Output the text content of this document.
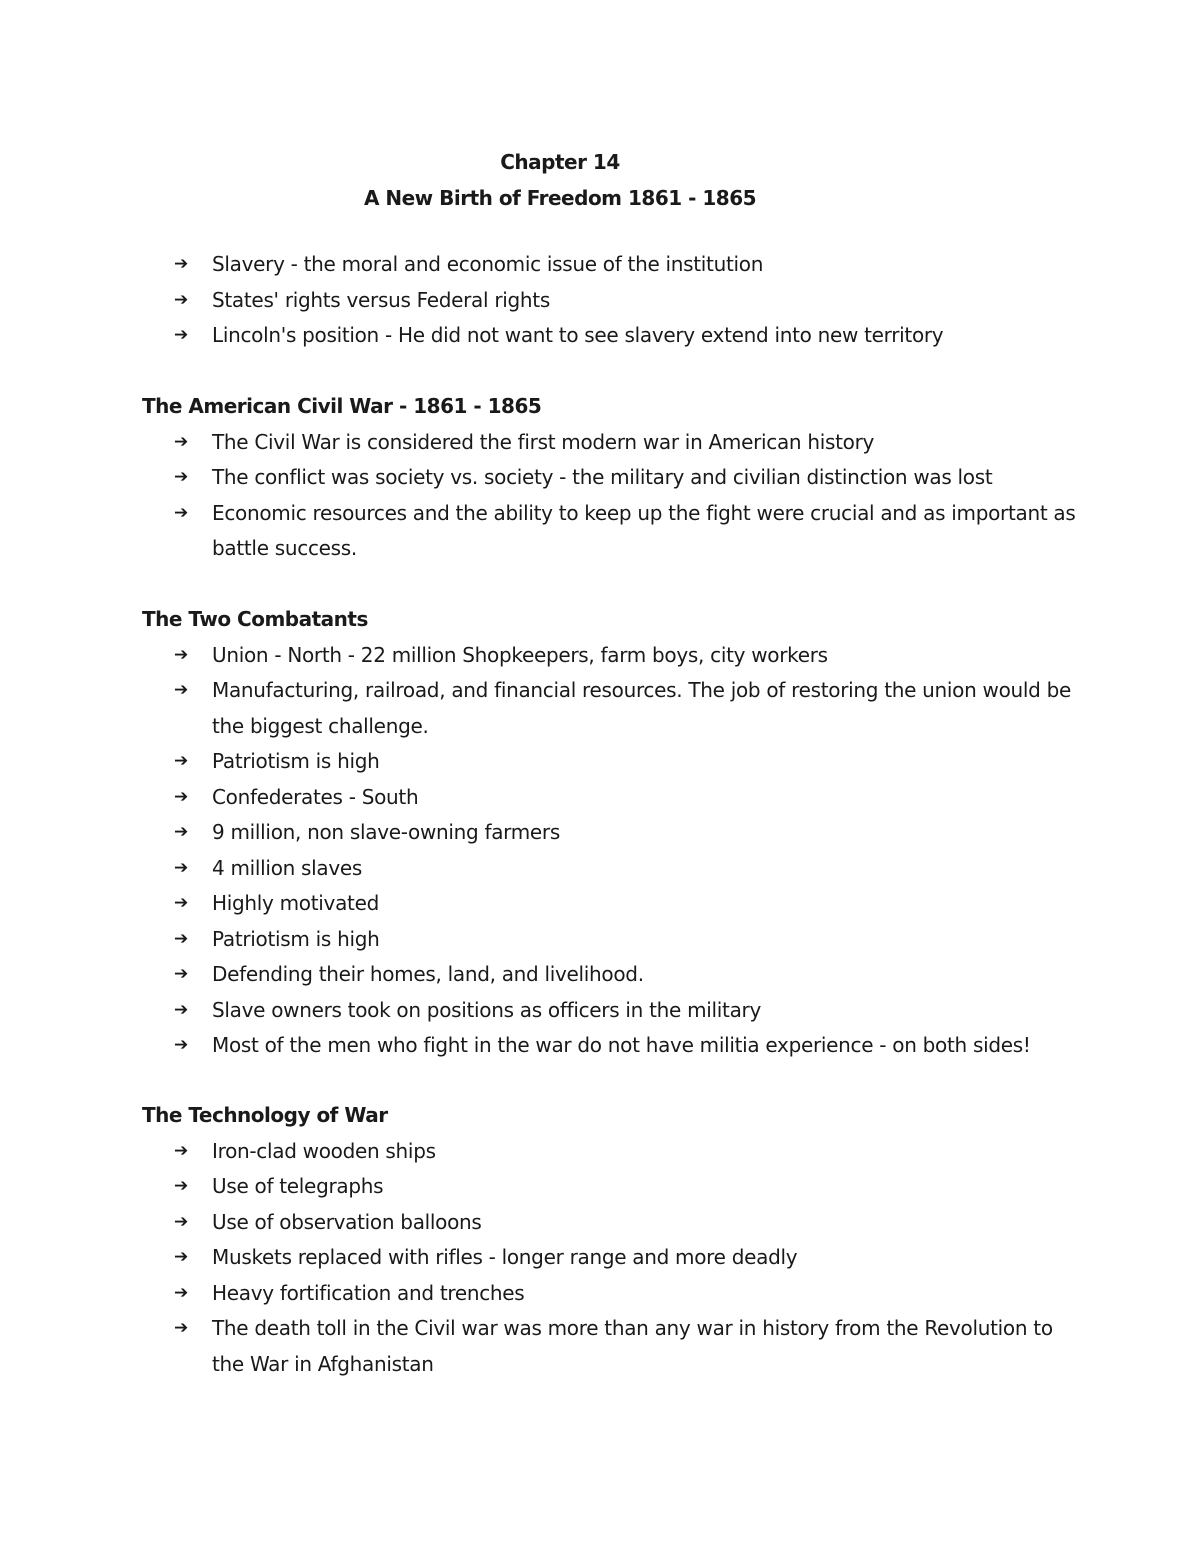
Chapter 14
A New Birth of Freedom 1861 - 1865
➔ Slavery - the moral and economic issue of the institution
➔ States' rights versus Federal rights
➔ Lincoln's position - He did not want to see slavery extend into new territory
The American Civil War - 1861 - 1865
➔ The Civil War is considered the first modern war in American history
➔ The conflict was society vs. society - the military and civilian distinction was lost
➔ Economic resources and the ability to keep up the fight were crucial and as important as battle success.
The Two Combatants
➔ Union - North - 22 million Shopkeepers, farm boys, city workers
➔ Manufacturing, railroad, and financial resources. The job of restoring the union would be the biggest challenge.
➔ Patriotism is high
➔ Confederates - South
➔ 9 million, non slave-owning farmers
➔ 4 million slaves
➔ Highly motivated
➔ Patriotism is high
➔ Defending their homes, land, and livelihood.
➔ Slave owners took on positions as officers in the military
➔ Most of the men who fight in the war do not have militia experience - on both sides!
The Technology of War
➔ Iron-clad wooden ships
➔ Use of telegraphs
➔ Use of observation balloons
➔ Muskets replaced with rifles - longer range and more deadly
➔ Heavy fortification and trenches
➔ The death toll in the Civil war was more than any war in history from the Revolution to the War in Afghanistan
